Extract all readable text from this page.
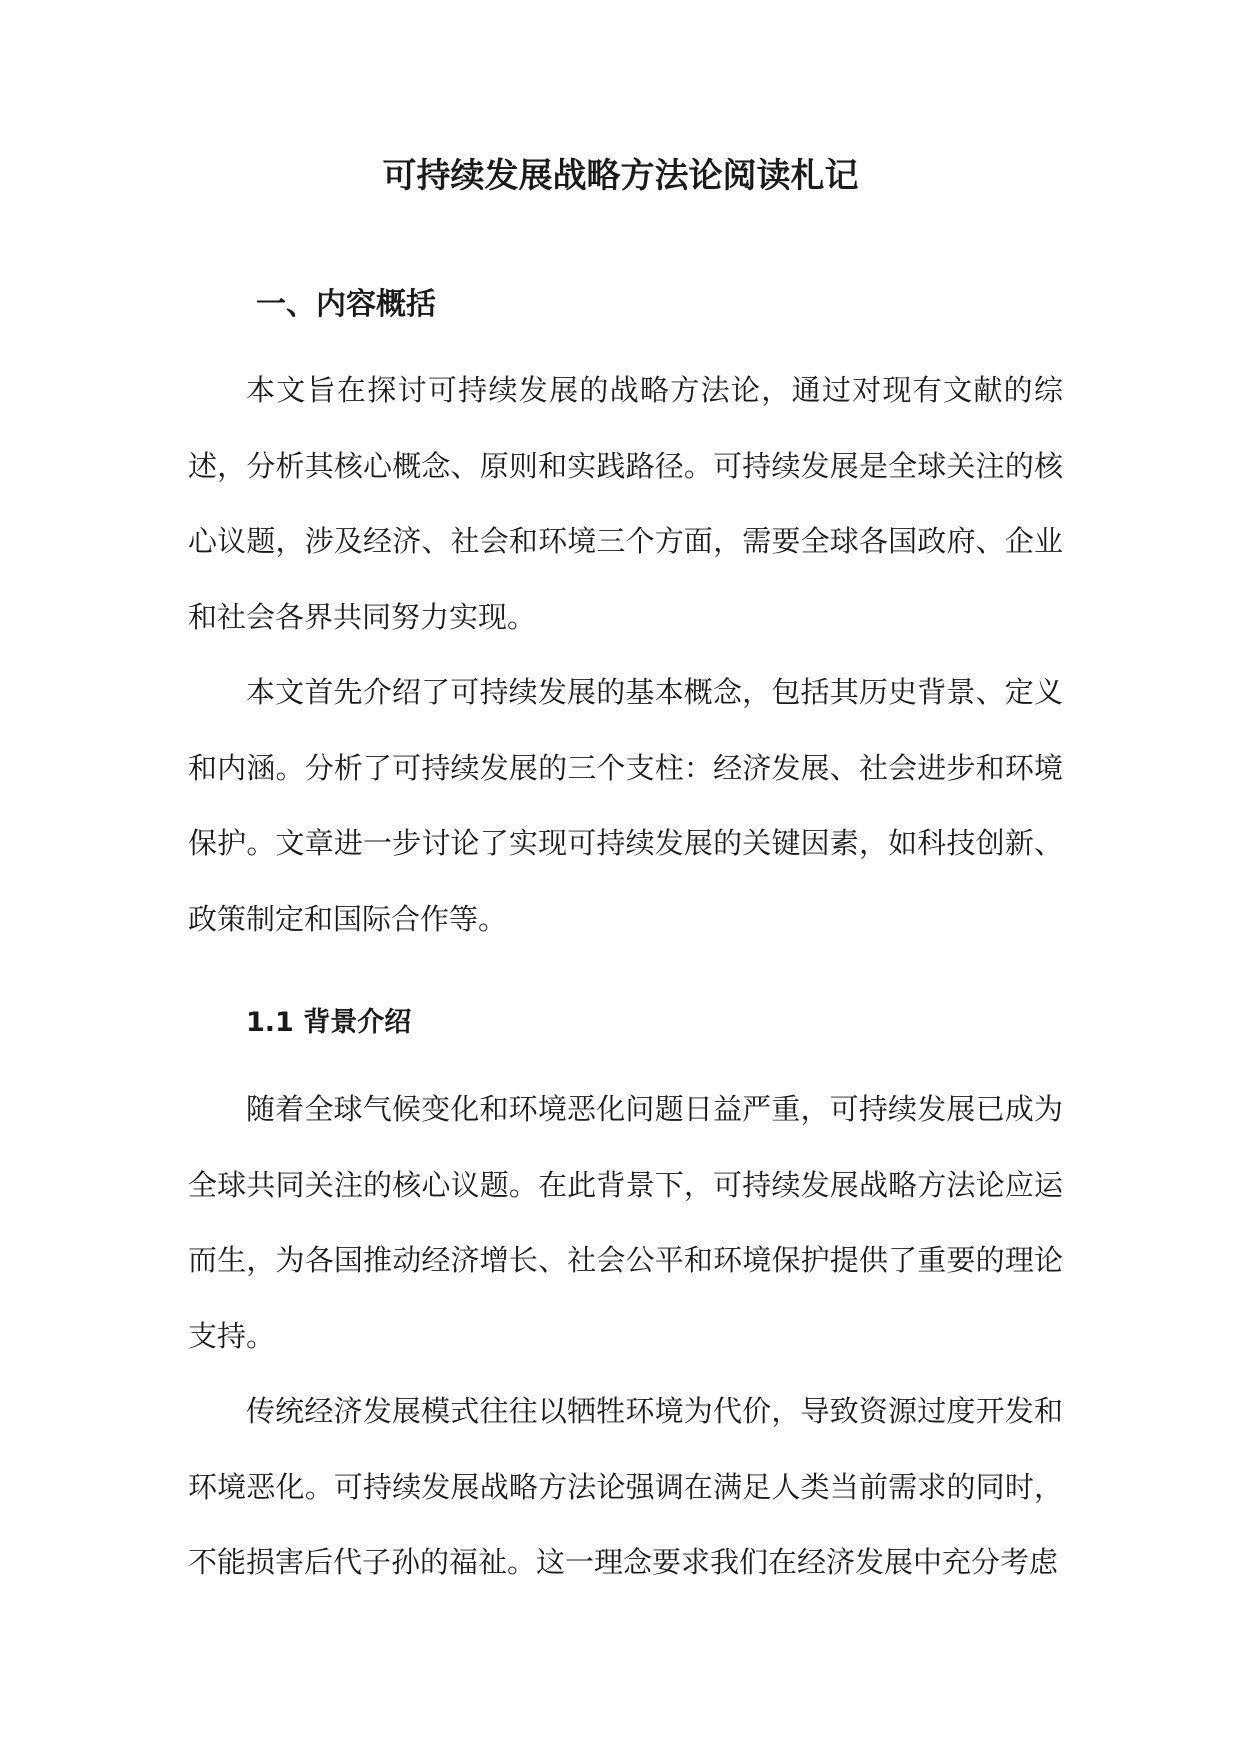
可持续发展战略方法论阅读札记
一、内容概括

本文旨在探讨可持续发展的战略方法论，通过对现有文献的综述，分析其核心概念、原则和实践路径。可持续发展是全球关注的核心议题，涉及经济、社会和环境三个方面，需要全球各国政府、企业和社会各界共同努力实现。

本文首先介绍了可持续发展的基本概念，包括其历史背景、定义和内涵。分析了可持续发展的三个支柱：经济发展、社会进步和环境保护。文章进一步讨论了实现可持续发展的关键因素，如科技创新、政策制定和国际合作等。

1.1 背景介绍

随着全球气候变化和环境恶化问题日益严重，可持续发展已成为全球共同关注的核心议题。在此背景下，可持续发展战略方法论应运而生，为各国推动经济增长、社会公平和环境保护提供了重要的理论支持。

传统经济发展模式往往以牺牲环境为代价，导致资源过度开发和环境恶化。可持续发展战略方法论强调在满足人类当前需求的同时，不能损害后代子孙的福祉。这一理念要求我们在经济发展中充分考虑
